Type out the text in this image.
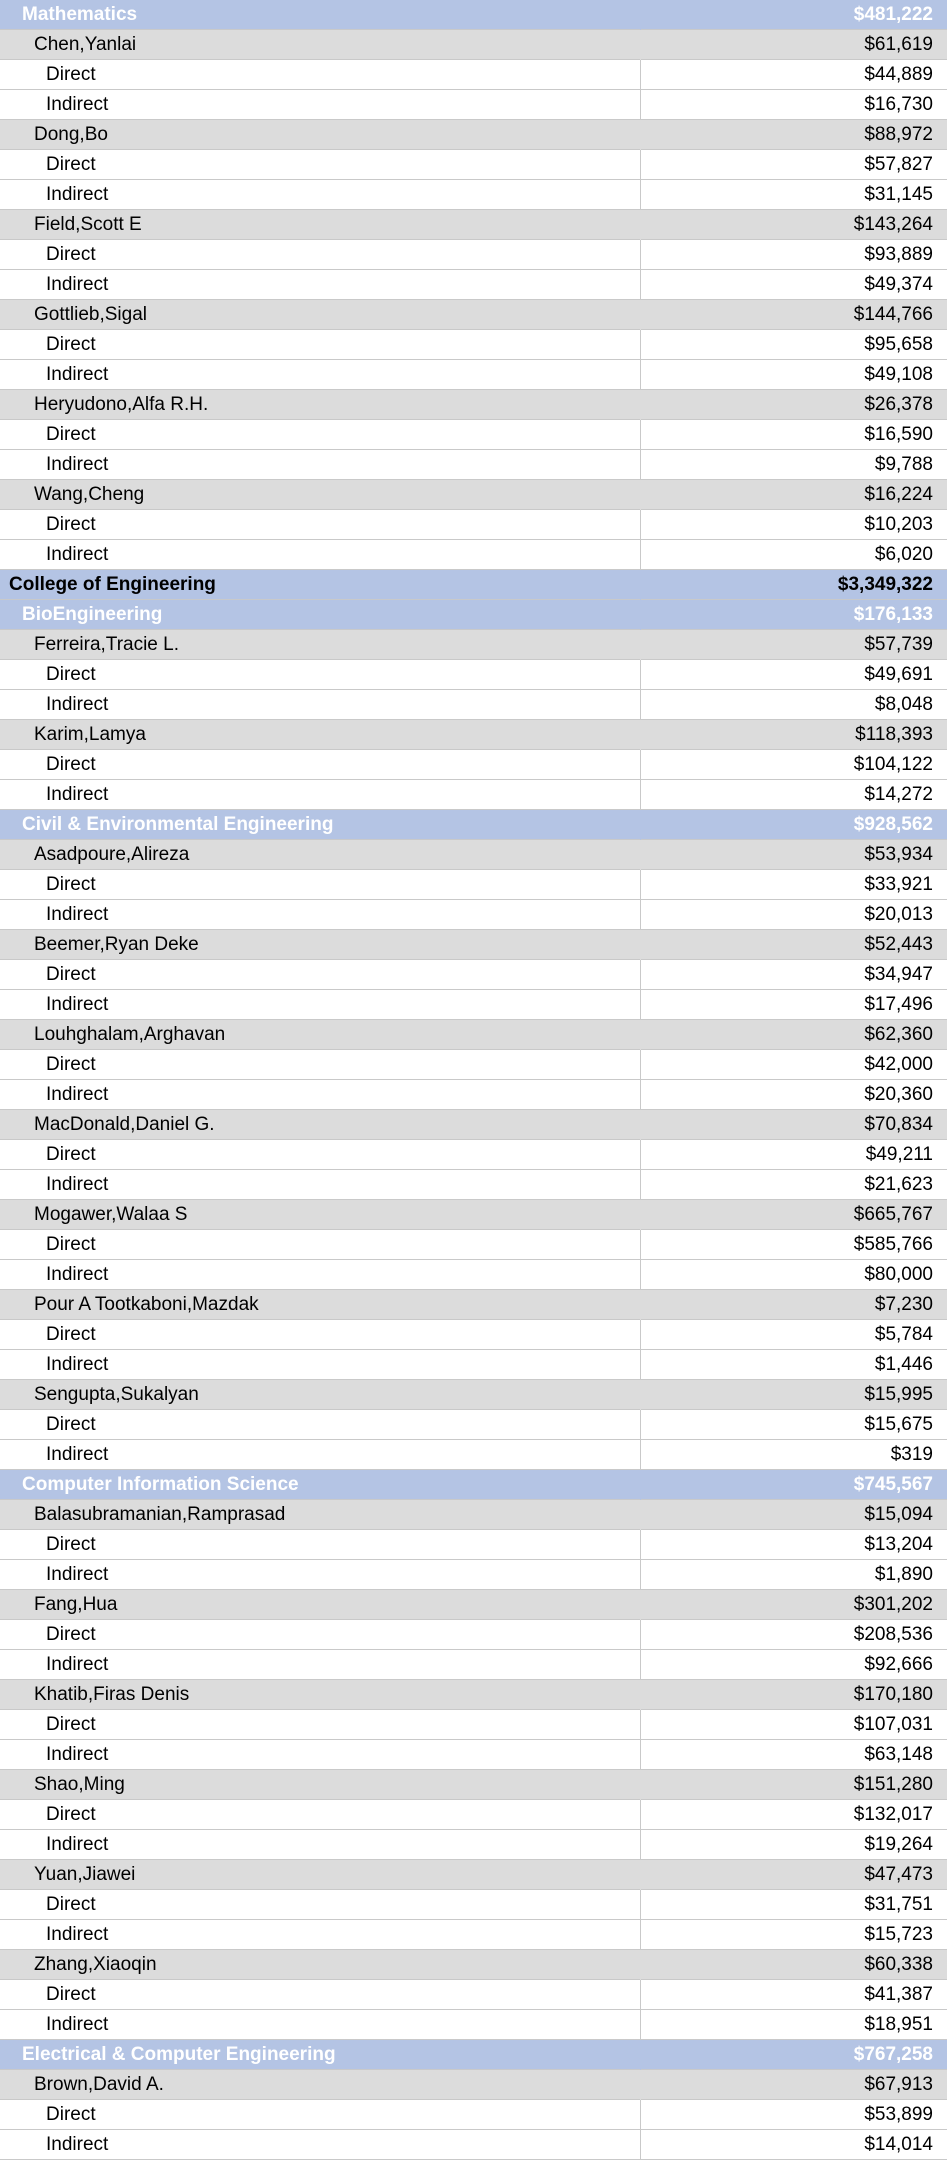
Mathematics	$481,222
Chen,Yanlai	$61,619
Direct	$44,889
Indirect	$16,730
Dong,Bo	$88,972
Direct	$57,827
Indirect	$31,145
Field,Scott E	$143,264
Direct	$93,889
Indirect	$49,374
Gottlieb,Sigal	$144,766
Direct	$95,658
Indirect	$49,108
Heryudono,Alfa R.H.	$26,378
Direct	$16,590
Indirect	$9,788
Wang,Cheng	$16,224
Direct	$10,203
Indirect	$6,020
College of Engineering	$3,349,322
BioEngineering	$176,133
Ferreira,Tracie L.	$57,739
Direct	$49,691
Indirect	$8,048
Karim,Lamya	$118,393
Direct	$104,122
Indirect	$14,272
Civil & Environmental Engineering	$928,562
Asadpoure,Alireza	$53,934
Direct	$33,921
Indirect	$20,013
Beemer,Ryan Deke	$52,443
Direct	$34,947
Indirect	$17,496
Louhghalam,Arghavan	$62,360
Direct	$42,000
Indirect	$20,360
MacDonald,Daniel G.	$70,834
Direct	$49,211
Indirect	$21,623
Mogawer,Walaa S	$665,767
Direct	$585,766
Indirect	$80,000
Pour A Tootkaboni,Mazdak	$7,230
Direct	$5,784
Indirect	$1,446
Sengupta,Sukalyan	$15,995
Direct	$15,675
Indirect	$319
Computer Information Science	$745,567
Balasubramanian,Ramprasad	$15,094
Direct	$13,204
Indirect	$1,890
Fang,Hua	$301,202
Direct	$208,536
Indirect	$92,666
Khatib,Firas Denis	$170,180
Direct	$107,031
Indirect	$63,148
Shao,Ming	$151,280
Direct	$132,017
Indirect	$19,264
Yuan,Jiawei	$47,473
Direct	$31,751
Indirect	$15,723
Zhang,Xiaoqin	$60,338
Direct	$41,387
Indirect	$18,951
Electrical & Computer Engineering	$767,258
Brown,David A.	$67,913
Direct	$53,899
Indirect	$14,014
